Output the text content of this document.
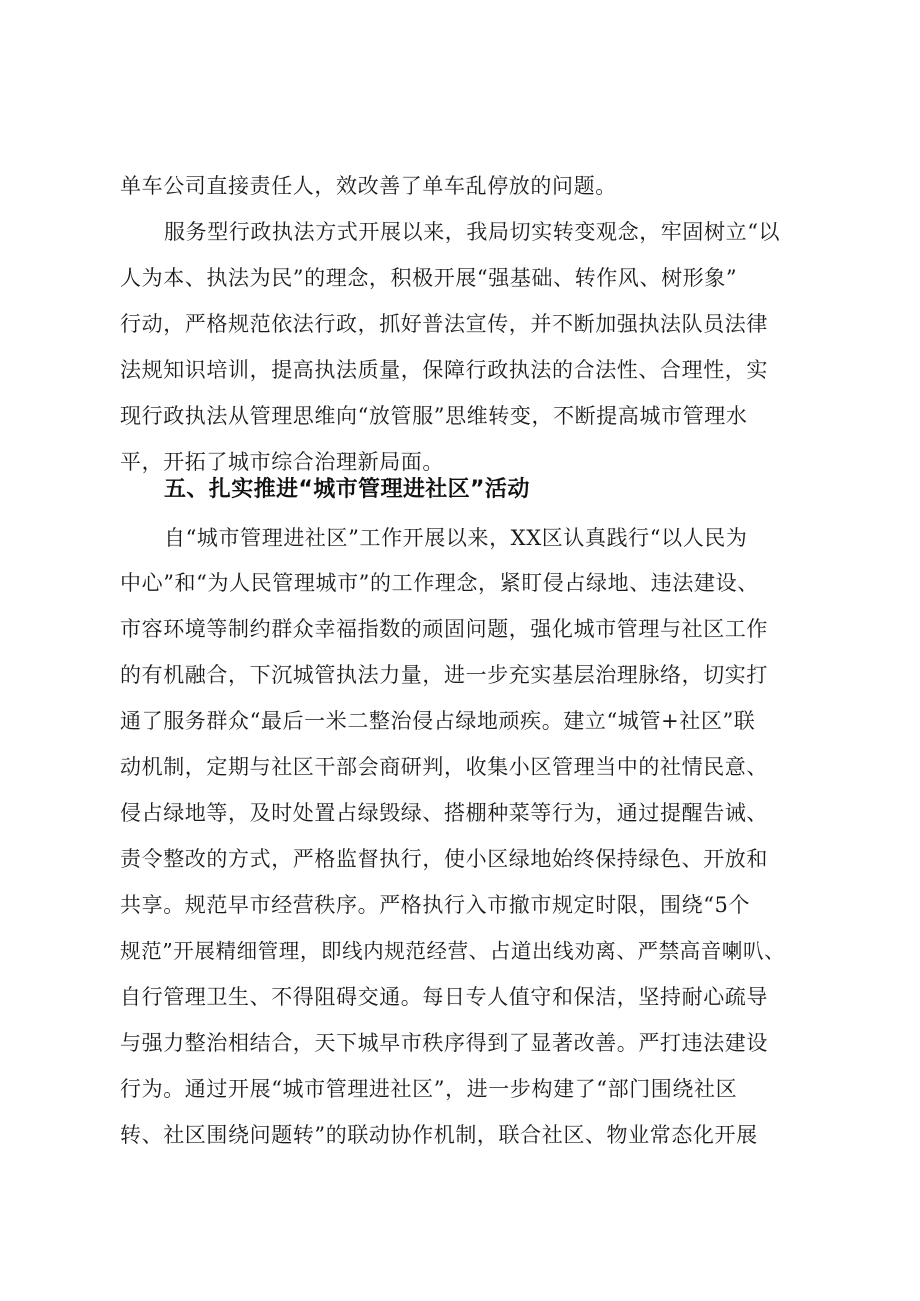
单车公司直接责任人，效改善了单车乱停放的问题。
服务型行政执法方式开展以来，我局切实转变观念，牢固树立“以
人为本、执法为民”的理念，积极开展“强基础、转作风、树形象”
行动，严格规范依法行政，抓好普法宣传，并不断加强执法队员法律
法规知识培训，提高执法质量，保障行政执法的合法性、合理性，实
现行政执法从管理思维向“放管服”思维转变，不断提高城市管理水
平，开拓了城市综合治理新局面。
五、扎实推进“城市管理进社区”活动
自“城市管理进社区”工作开展以来，XX区认真践行“以人民为
中心”和“为人民管理城市”的工作理念，紧盯侵占绿地、违法建设、
市容环境等制约群众幸福指数的顽固问题，强化城市管理与社区工作
的有机融合，下沉城管执法力量，进一步充实基层治理脉络，切实打
通了服务群众“最后一米二整治侵占绿地顽疾。建立“城管+社区”联
动机制，定期与社区干部会商研判，收集小区管理当中的社情民意、
侵占绿地等，及时处置占绿毁绿、搭棚种菜等行为，通过提醒告诫、
责令整改的方式，严格监督执行，使小区绿地始终保持绿色、开放和
共享。规范早市经营秩序。严格执行入市撤市规定时限，围绕“5个
规范”开展精细管理，即线内规范经营、占道出线劝离、严禁高音喇叭、
自行管理卫生、不得阻碍交通。每日专人值守和保洁，坚持耐心疏导
与强力整治相结合，天下城早市秩序得到了显著改善。严打违法建设
行为。通过开展“城市管理进社区”，进一步构建了“部门围绕社区
转、社区围绕问题转”的联动协作机制，联合社区、物业常态化开展
